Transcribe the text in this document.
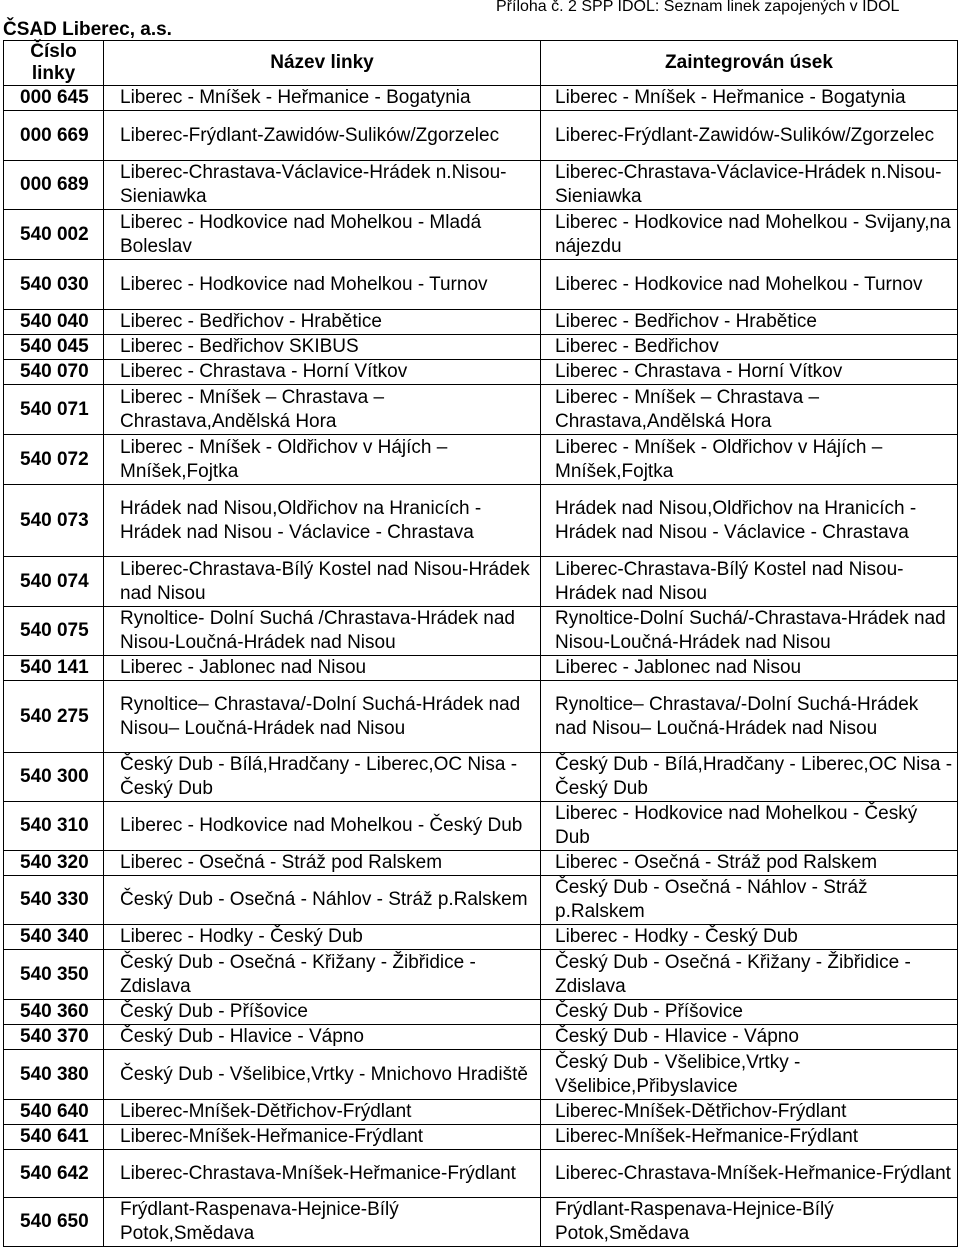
Příloha č. 2 SPP IDOL: Seznam linek zapojených v IDOL
ČSAD Liberec, a.s.
Číslo linky	Název linky	Zaintegrován úsek
000 645	Liberec - Mníšek - Heřmanice - Bogatynia	Liberec - Mníšek - Heřmanice - Bogatynia
000 669	Liberec-Frýdlant-Zawidów-Sulików/Zgorzelec	Liberec-Frýdlant-Zawidów-Sulików/Zgorzelec
000 689	Liberec-Chrastava-Václavice-Hrádek n.Nisou-Sieniawka	Liberec-Chrastava-Václavice-Hrádek n.Nisou-Sieniawka
540 002	Liberec - Hodkovice nad Mohelkou - Mladá Boleslav	Liberec - Hodkovice nad Mohelkou - Svijany,na nájezdu
540 030	Liberec - Hodkovice nad Mohelkou - Turnov	Liberec - Hodkovice nad Mohelkou - Turnov
540 040	Liberec - Bedřichov - Hrabětice	Liberec - Bedřichov - Hrabětice
540 045	Liberec - Bedřichov SKIBUS	Liberec - Bedřichov
540 070	Liberec - Chrastava - Horní Vítkov	Liberec - Chrastava - Horní Vítkov
540 071	Liberec - Mníšek – Chrastava – Chrastava,Andělská Hora	Liberec - Mníšek – Chrastava – Chrastava,Andělská Hora
540 072	Liberec - Mníšek - Oldřichov v Hájích – Mníšek,Fojtka	Liberec - Mníšek - Oldřichov v Hájích – Mníšek,Fojtka
540 073	Hrádek nad Nisou,Oldřichov na Hranicích - Hrádek nad Nisou - Václavice - Chrastava	Hrádek nad Nisou,Oldřichov na Hranicích - Hrádek nad Nisou - Václavice - Chrastava
540 074	Liberec-Chrastava-Bílý Kostel nad Nisou-Hrádek nad Nisou	Liberec-Chrastava-Bílý Kostel nad Nisou-Hrádek nad Nisou
540 075	Rynoltice- Dolní Suchá /Chrastava-Hrádek nad Nisou-Loučná-Hrádek nad Nisou	Rynoltice-Dolní Suchá/-Chrastava-Hrádek nad Nisou-Loučná-Hrádek nad Nisou
540 141	Liberec - Jablonec nad Nisou	Liberec - Jablonec nad Nisou
540 275	Rynoltice– Chrastava/-Dolní Suchá-Hrádek nad Nisou– Loučná-Hrádek nad Nisou	Rynoltice– Chrastava/-Dolní Suchá-Hrádek nad Nisou– Loučná-Hrádek nad Nisou
540 300	Český Dub - Bílá,Hradčany - Liberec,OC Nisa - Český Dub	Český Dub - Bílá,Hradčany - Liberec,OC Nisa - Český Dub
540 310	Liberec - Hodkovice nad Mohelkou - Český Dub	Liberec - Hodkovice nad Mohelkou - Český Dub
540 320	Liberec - Osečná - Stráž pod Ralskem	Liberec - Osečná - Stráž pod Ralskem
540 330	Český Dub - Osečná - Náhlov - Stráž p.Ralskem	Český Dub - Osečná - Náhlov - Stráž p.Ralskem
540 340	Liberec - Hodky - Český Dub	Liberec - Hodky - Český Dub
540 350	Český Dub - Osečná - Křižany - Žibřidice - Zdislava	Český Dub - Osečná - Křižany - Žibřidice - Zdislava
540 360	Český Dub - Příšovice	Český Dub - Příšovice
540 370	Český Dub - Hlavice - Vápno	Český Dub - Hlavice - Vápno
540 380	Český Dub - Všelibice,Vrtky - Mnichovo Hradiště	Český Dub - Všelibice,Vrtky - Všelibice,Přibyslavice
540 640	Liberec-Mníšek-Dětřichov-Frýdlant	Liberec-Mníšek-Dětřichov-Frýdlant
540 641	Liberec-Mníšek-Heřmanice-Frýdlant	Liberec-Mníšek-Heřmanice-Frýdlant
540 642	Liberec-Chrastava-Mníšek-Heřmanice-Frýdlant	Liberec-Chrastava-Mníšek-Heřmanice-Frýdlant
540 650	Frýdlant-Raspenava-Hejnice-Bílý Potok,Smědava	Frýdlant-Raspenava-Hejnice-Bílý Potok,Smědava
